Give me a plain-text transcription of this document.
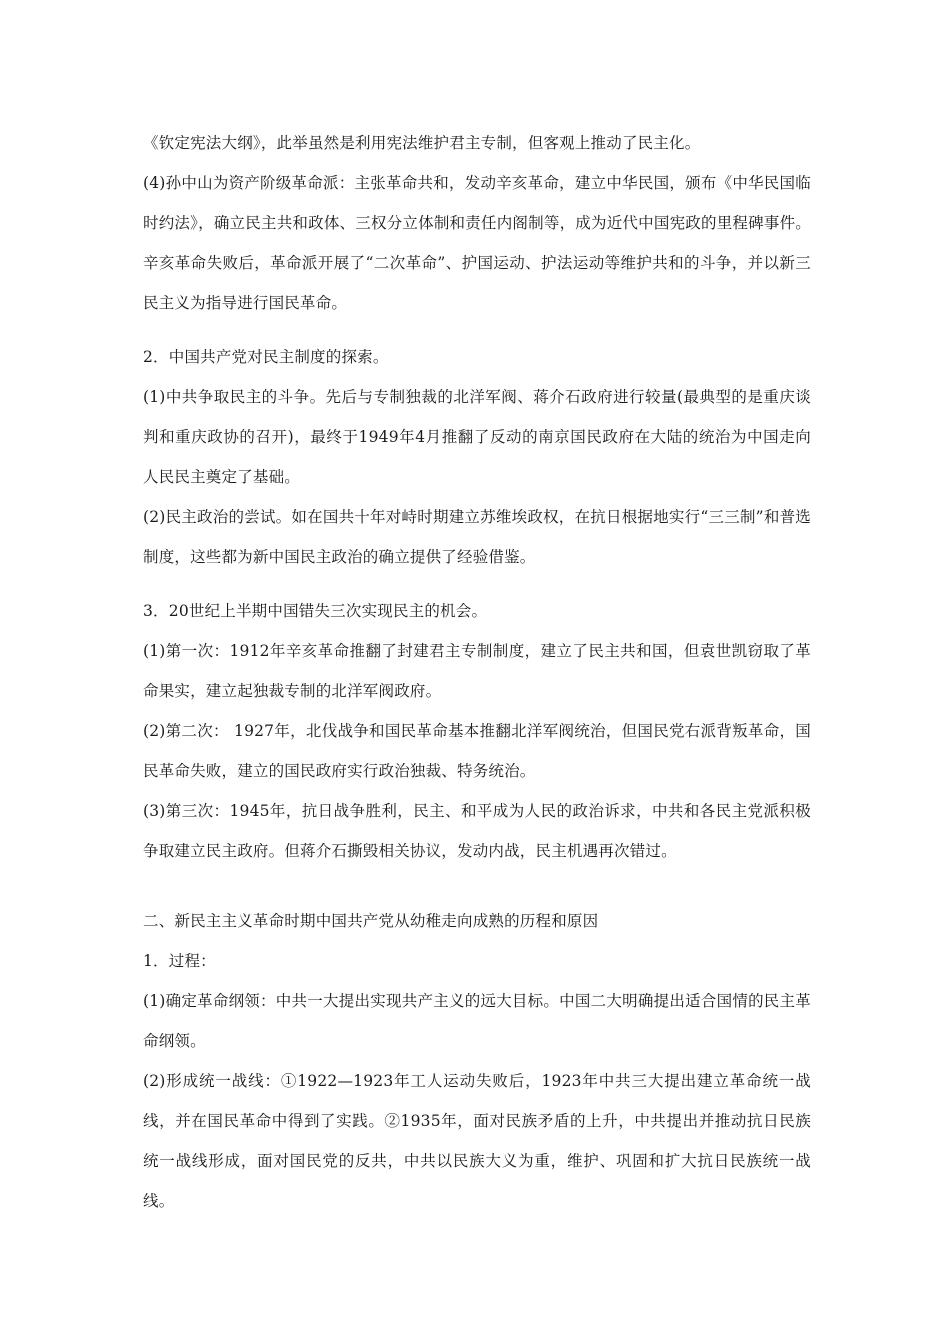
《钦定宪法大纲》，此举虽然是利用宪法维护君主专制，但客观上推动了民主化。

(4)孙中山为资产阶级革命派：主张革命共和，发动辛亥革命，建立中华民国，颁布《中华民国临时约法》，确立民主共和政体、三权分立体制和责任内阁制等，成为近代中国宪政的里程碑事件。辛亥革命失败后，革命派开展了“二次革命”、护国运动、护法运动等维护共和的斗争，并以新三民主义为指导进行国民革命。

2．中国共产党对民主制度的探索。

(1)中共争取民主的斗争。先后与专制独裁的北洋军阀、蒋介石政府进行较量(最典型的是重庆谈判和重庆政协的召开)，最终于1949年4月推翻了反动的南京国民政府在大陆的统治为中国走向人民民主奠定了基础。

(2)民主政治的尝试。如在国共十年对峙时期建立苏维埃政权，在抗日根据地实行“三三制”和普选制度，这些都为新中国民主政治的确立提供了经验借鉴。

3．20世纪上半期中国错失三次实现民主的机会。

(1)第一次：1912年辛亥革命推翻了封建君主专制制度，建立了民主共和国，但袁世凯窃取了革命果实，建立起独裁专制的北洋军阀政府。

(2)第二次： 1927年，北伐战争和国民革命基本推翻北洋军阀统治，但国民党右派背叛革命，国民革命失败，建立的国民政府实行政治独裁、特务统治。

(3)第三次：1945年，抗日战争胜利，民主、和平成为人民的政治诉求，中共和各民主党派积极争取建立民主政府。但蒋介石撕毁相关协议，发动内战，民主机遇再次错过。

二、新民主主义革命时期中国共产党从幼稚走向成熟的历程和原因

1．过程：

(1)确定革命纲领：中共一大提出实现共产主义的远大目标。中国二大明确提出适合国情的民主革命纲领。

(2)形成统一战线：①1922—1923年工人运动失败后，1923年中共三大提出建立革命统一战线，并在国民革命中得到了实践。②1935年，面对民族矛盾的上升，中共提出并推动抗日民族统一战线形成，面对国民党的反共，中共以民族大义为重，维护、巩固和扩大抗日民族统一战线。
